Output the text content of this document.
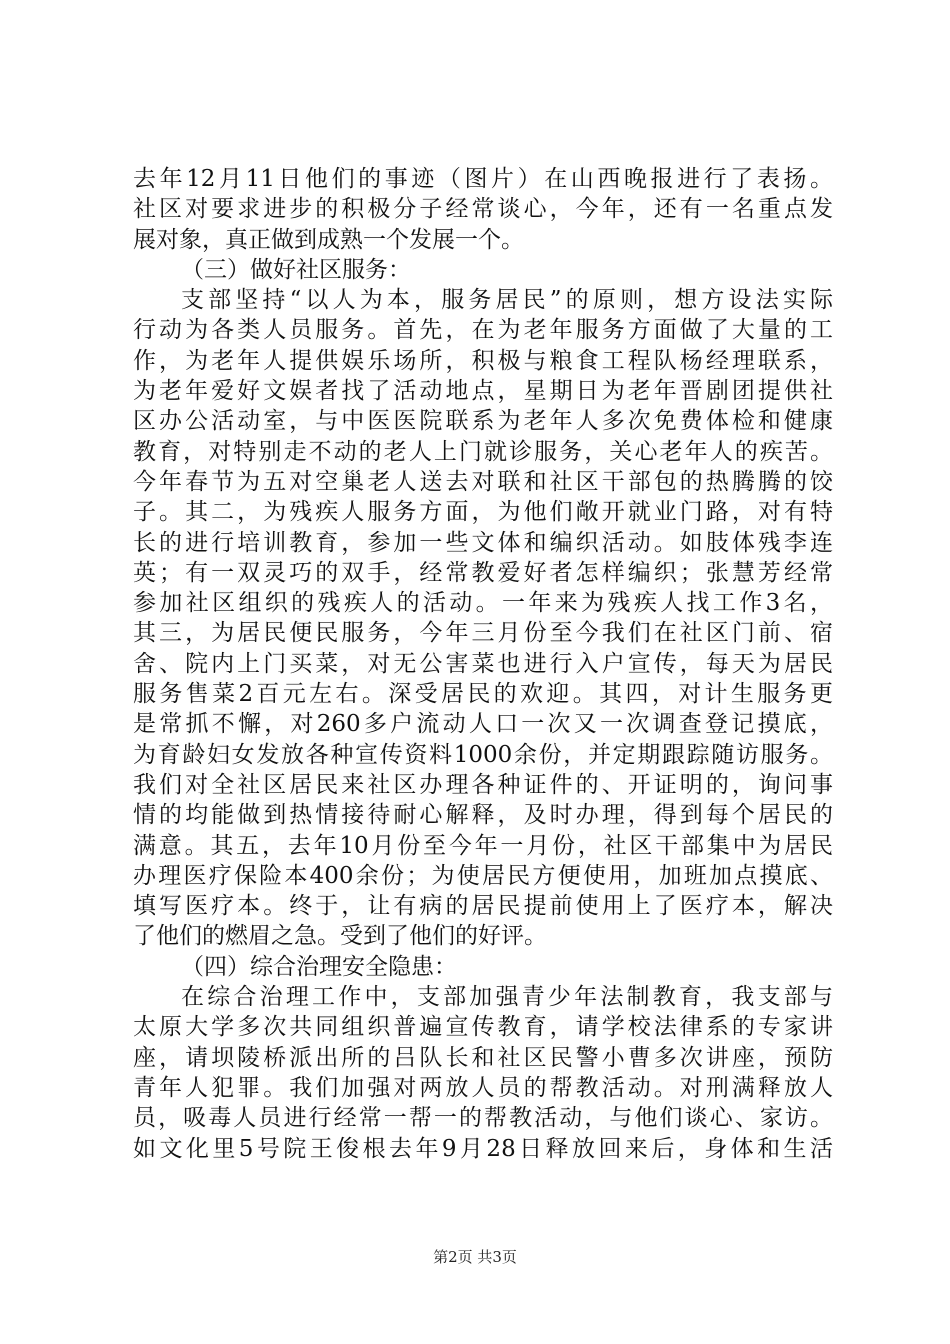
去年12月11日他们的事迹（图片）在山西晚报进行了表扬。
社区对要求进步的积极分子经常谈心，今年，还有一名重点发
展对象，真正做到成熟一个发展一个。
（三）做好社区服务：
支部坚持“以人为本，服务居民”的原则，想方设法实际
行动为各类人员服务。首先，在为老年服务方面做了大量的工
作，为老年人提供娱乐场所，积极与粮食工程队杨经理联系，
为老年爱好文娱者找了活动地点，星期日为老年晋剧团提供社
区办公活动室，与中医医院联系为老年人多次免费体检和健康
教育，对特别走不动的老人上门就诊服务，关心老年人的疾苦。
今年春节为五对空巢老人送去对联和社区干部包的热腾腾的饺
子。其二，为残疾人服务方面，为他们敞开就业门路，对有特
长的进行培训教育，参加一些文体和编织活动。如肢体残李连
英；有一双灵巧的双手，经常教爱好者怎样编织；张慧芳经常
参加社区组织的残疾人的活动。一年来为残疾人找工作3名，
其三，为居民便民服务，今年三月份至今我们在社区门前、宿
舍、院内上门买菜，对无公害菜也进行入户宣传，每天为居民
服务售菜2百元左右。深受居民的欢迎。其四，对计生服务更
是常抓不懈，对260多户流动人口一次又一次调查登记摸底，
为育龄妇女发放各种宣传资料1000余份，并定期跟踪随访服务。
我们对全社区居民来社区办理各种证件的、开证明的，询问事
情的均能做到热情接待耐心解释，及时办理，得到每个居民的
满意。其五，去年10月份至今年一月份，社区干部集中为居民
办理医疗保险本400余份；为使居民方便使用，加班加点摸底、
填写医疗本。终于，让有病的居民提前使用上了医疗本，解决
了他们的燃眉之急。受到了他们的好评。
（四）综合治理安全隐患：
在综合治理工作中，支部加强青少年法制教育，我支部与
太原大学多次共同组织普遍宣传教育，请学校法律系的专家讲
座，请坝陵桥派出所的吕队长和社区民警小曹多次讲座，预防
青年人犯罪。我们加强对两放人员的帮教活动。对刑满释放人
员，吸毒人员进行经常一帮一的帮教活动，与他们谈心、家访。
如文化里5号院王俊根去年9月28日释放回来后，身体和生活
第2页 共3页
